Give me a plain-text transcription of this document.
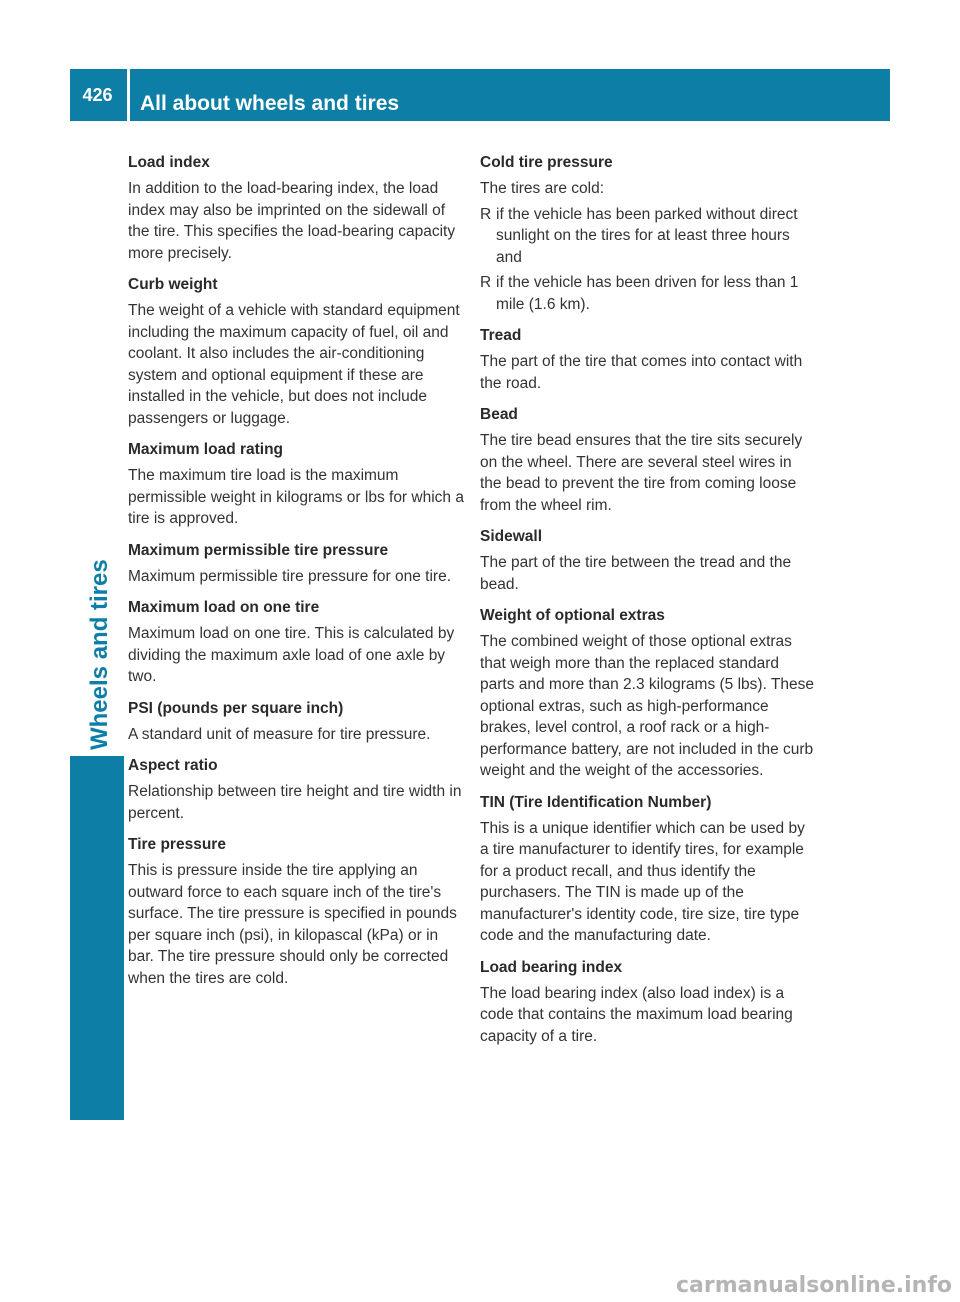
426	All about wheels and tires
Wheels and tires

Load index

In addition to the load-bearing index, the load index may also be imprinted on the sidewall of the tire. This specifies the load-bearing capacity more precisely.

Curb weight

The weight of a vehicle with standard equipment including the maximum capacity of fuel, oil and coolant. It also includes the air-conditioning system and optional equipment if these are installed in the vehicle, but does not include passengers or luggage.

Maximum load rating

The maximum tire load is the maximum permissible weight in kilograms or lbs for which a tire is approved.

Maximum permissible tire pressure

Maximum permissible tire pressure for one tire.

Maximum load on one tire

Maximum load on one tire. This is calculated by dividing the maximum axle load of one axle by two.

PSI (pounds per square inch)

A standard unit of measure for tire pressure.

Aspect ratio

Relationship between tire height and tire width in percent.

Tire pressure

This is pressure inside the tire applying an outward force to each square inch of the tire's surface. The tire pressure is specified in pounds per square inch (psi), in kilopascal (kPa) or in bar. The tire pressure should only be corrected when the tires are cold.

Cold tire pressure

The tires are cold:

R if the vehicle has been parked without direct sunlight on the tires for at least three hours and
R if the vehicle has been driven for less than 1 mile (1.6 km).

Tread

The part of the tire that comes into contact with the road.

Bead

The tire bead ensures that the tire sits securely on the wheel. There are several steel wires in the bead to prevent the tire from coming loose from the wheel rim.

Sidewall

The part of the tire between the tread and the bead.

Weight of optional extras

The combined weight of those optional extras that weigh more than the replaced standard parts and more than 2.3 kilograms (5 lbs). These optional extras, such as high-performance brakes, level control, a roof rack or a high-performance battery, are not included in the curb weight and the weight of the accessories.

TIN (Tire Identification Number)

This is a unique identifier which can be used by a tire manufacturer to identify tires, for example for a product recall, and thus identify the purchasers. The TIN is made up of the manufacturer's identity code, tire size, tire type code and the manufacturing date.

Load bearing index

The load bearing index (also load index) is a code that contains the maximum load bearing capacity of a tire.

carmanualsonline.info
